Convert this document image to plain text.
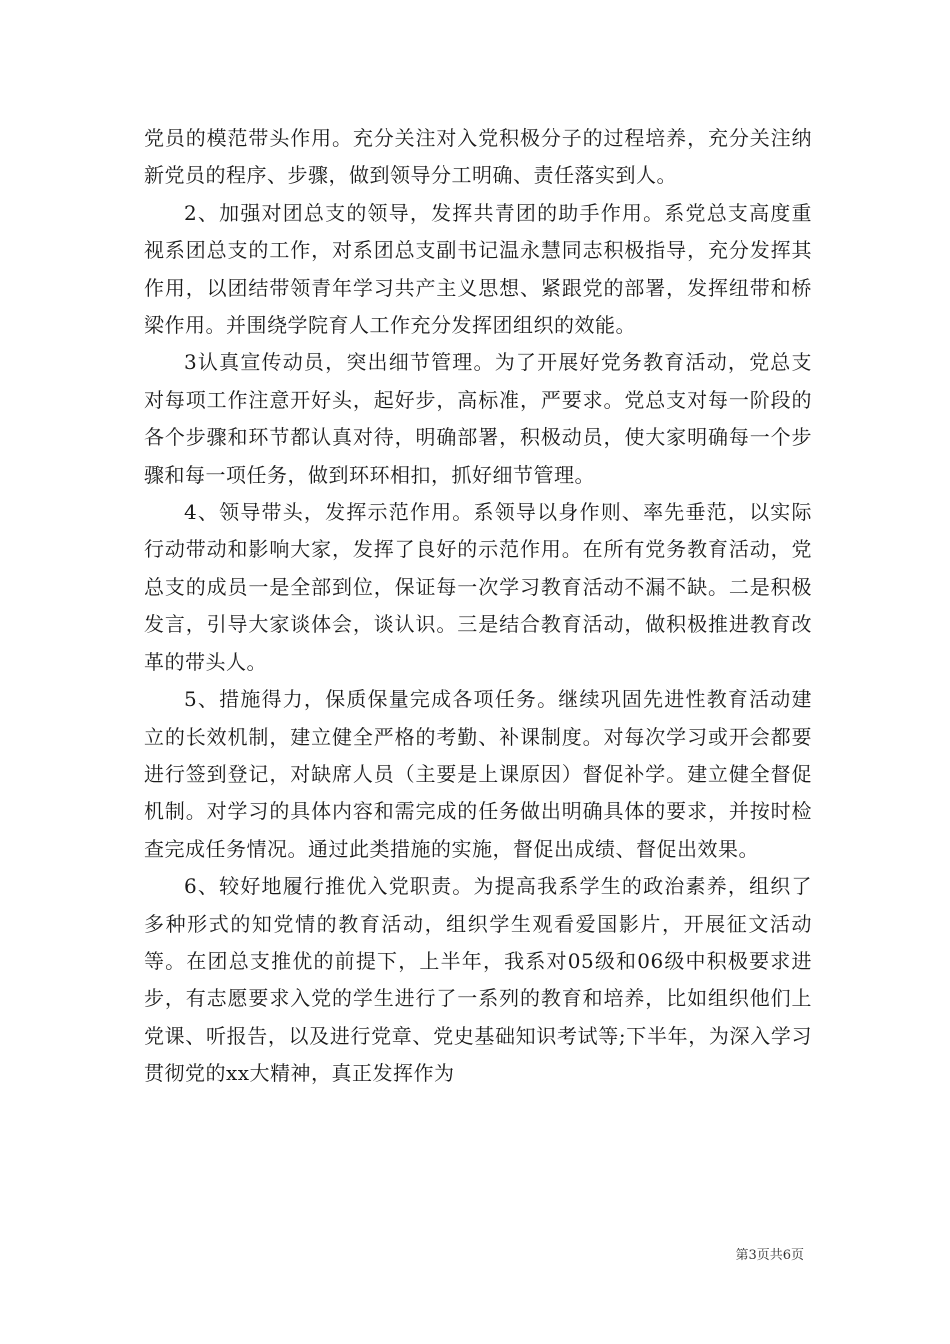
党员的模范带头作用。充分关注对入党积极分子的过程培养，充分关注纳新党员的程序、步骤，做到领导分工明确、责任落实到人。

2、加强对团总支的领导，发挥共青团的助手作用。系党总支高度重视系团总支的工作，对系团总支副书记温永慧同志积极指导，充分发挥其作用，以团结带领青年学习共产主义思想、紧跟党的部署，发挥纽带和桥梁作用。并围绕学院育人工作充分发挥团组织的效能。

3认真宣传动员，突出细节管理。为了开展好党务教育活动，党总支对每项工作注意开好头，起好步，高标准，严要求。党总支对每一阶段的各个步骤和环节都认真对待，明确部署，积极动员，使大家明确每一个步骤和每一项任务，做到环环相扣，抓好细节管理。

4、领导带头，发挥示范作用。系领导以身作则、率先垂范，以实际行动带动和影响大家，发挥了良好的示范作用。在所有党务教育活动，党总支的成员一是全部到位，保证每一次学习教育活动不漏不缺。二是积极发言，引导大家谈体会，谈认识。三是结合教育活动，做积极推进教育改革的带头人。

5、措施得力，保质保量完成各项任务。继续巩固先进性教育活动建立的长效机制，建立健全严格的考勤、补课制度。对每次学习或开会都要进行签到登记，对缺席人员（主要是上课原因）督促补学。建立健全督促机制。对学习的具体内容和需完成的任务做出明确具体的要求，并按时检查完成任务情况。通过此类措施的实施，督促出成绩、督促出效果。

6、较好地履行推优入党职责。为提高我系学生的政治素养，组织了多种形式的知党情的教育活动，组织学生观看爱国影片，开展征文活动等。在团总支推优的前提下，上半年，我系对05级和06级中积极要求进步，有志愿要求入党的学生进行了一系列的教育和培养，比如组织他们上党课、听报告，以及进行党章、党史基础知识考试等;下半年，为深入学习贯彻党的xx大精神，真正发挥作为

第3页共6页
